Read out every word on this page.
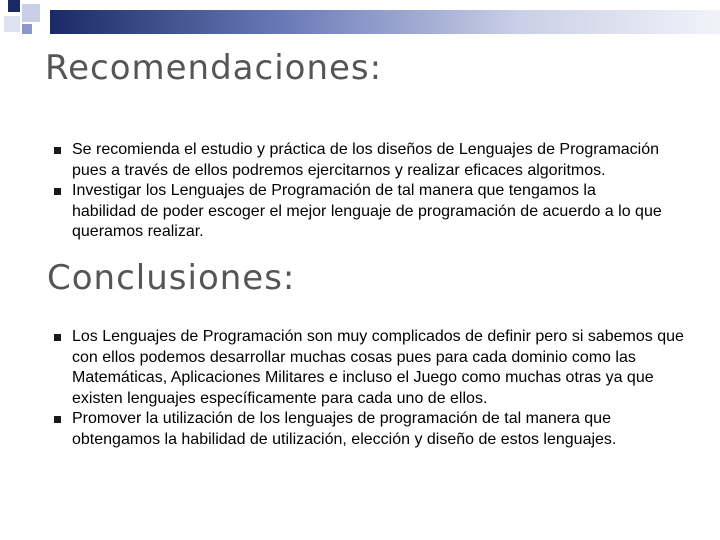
Recomendaciones:
Se recomienda el estudio y práctica de los diseños de Lenguajes de Programación pues a través de ellos podremos ejercitarnos y realizar eficaces algoritmos.
Investigar los Lenguajes de Programación de tal manera que tengamos la habilidad de poder escoger el mejor lenguaje de programación de acuerdo a lo que queramos realizar.
Conclusiones:
Los Lenguajes de Programación son muy complicados de definir pero si sabemos que con ellos podemos desarrollar muchas cosas pues para cada dominio como las Matemáticas, Aplicaciones Militares e incluso el Juego como muchas otras ya que existen lenguajes específicamente para cada uno de ellos.
Promover la utilización de los lenguajes de programación de tal manera que obtengamos la habilidad de utilización, elección y diseño de estos lenguajes.
